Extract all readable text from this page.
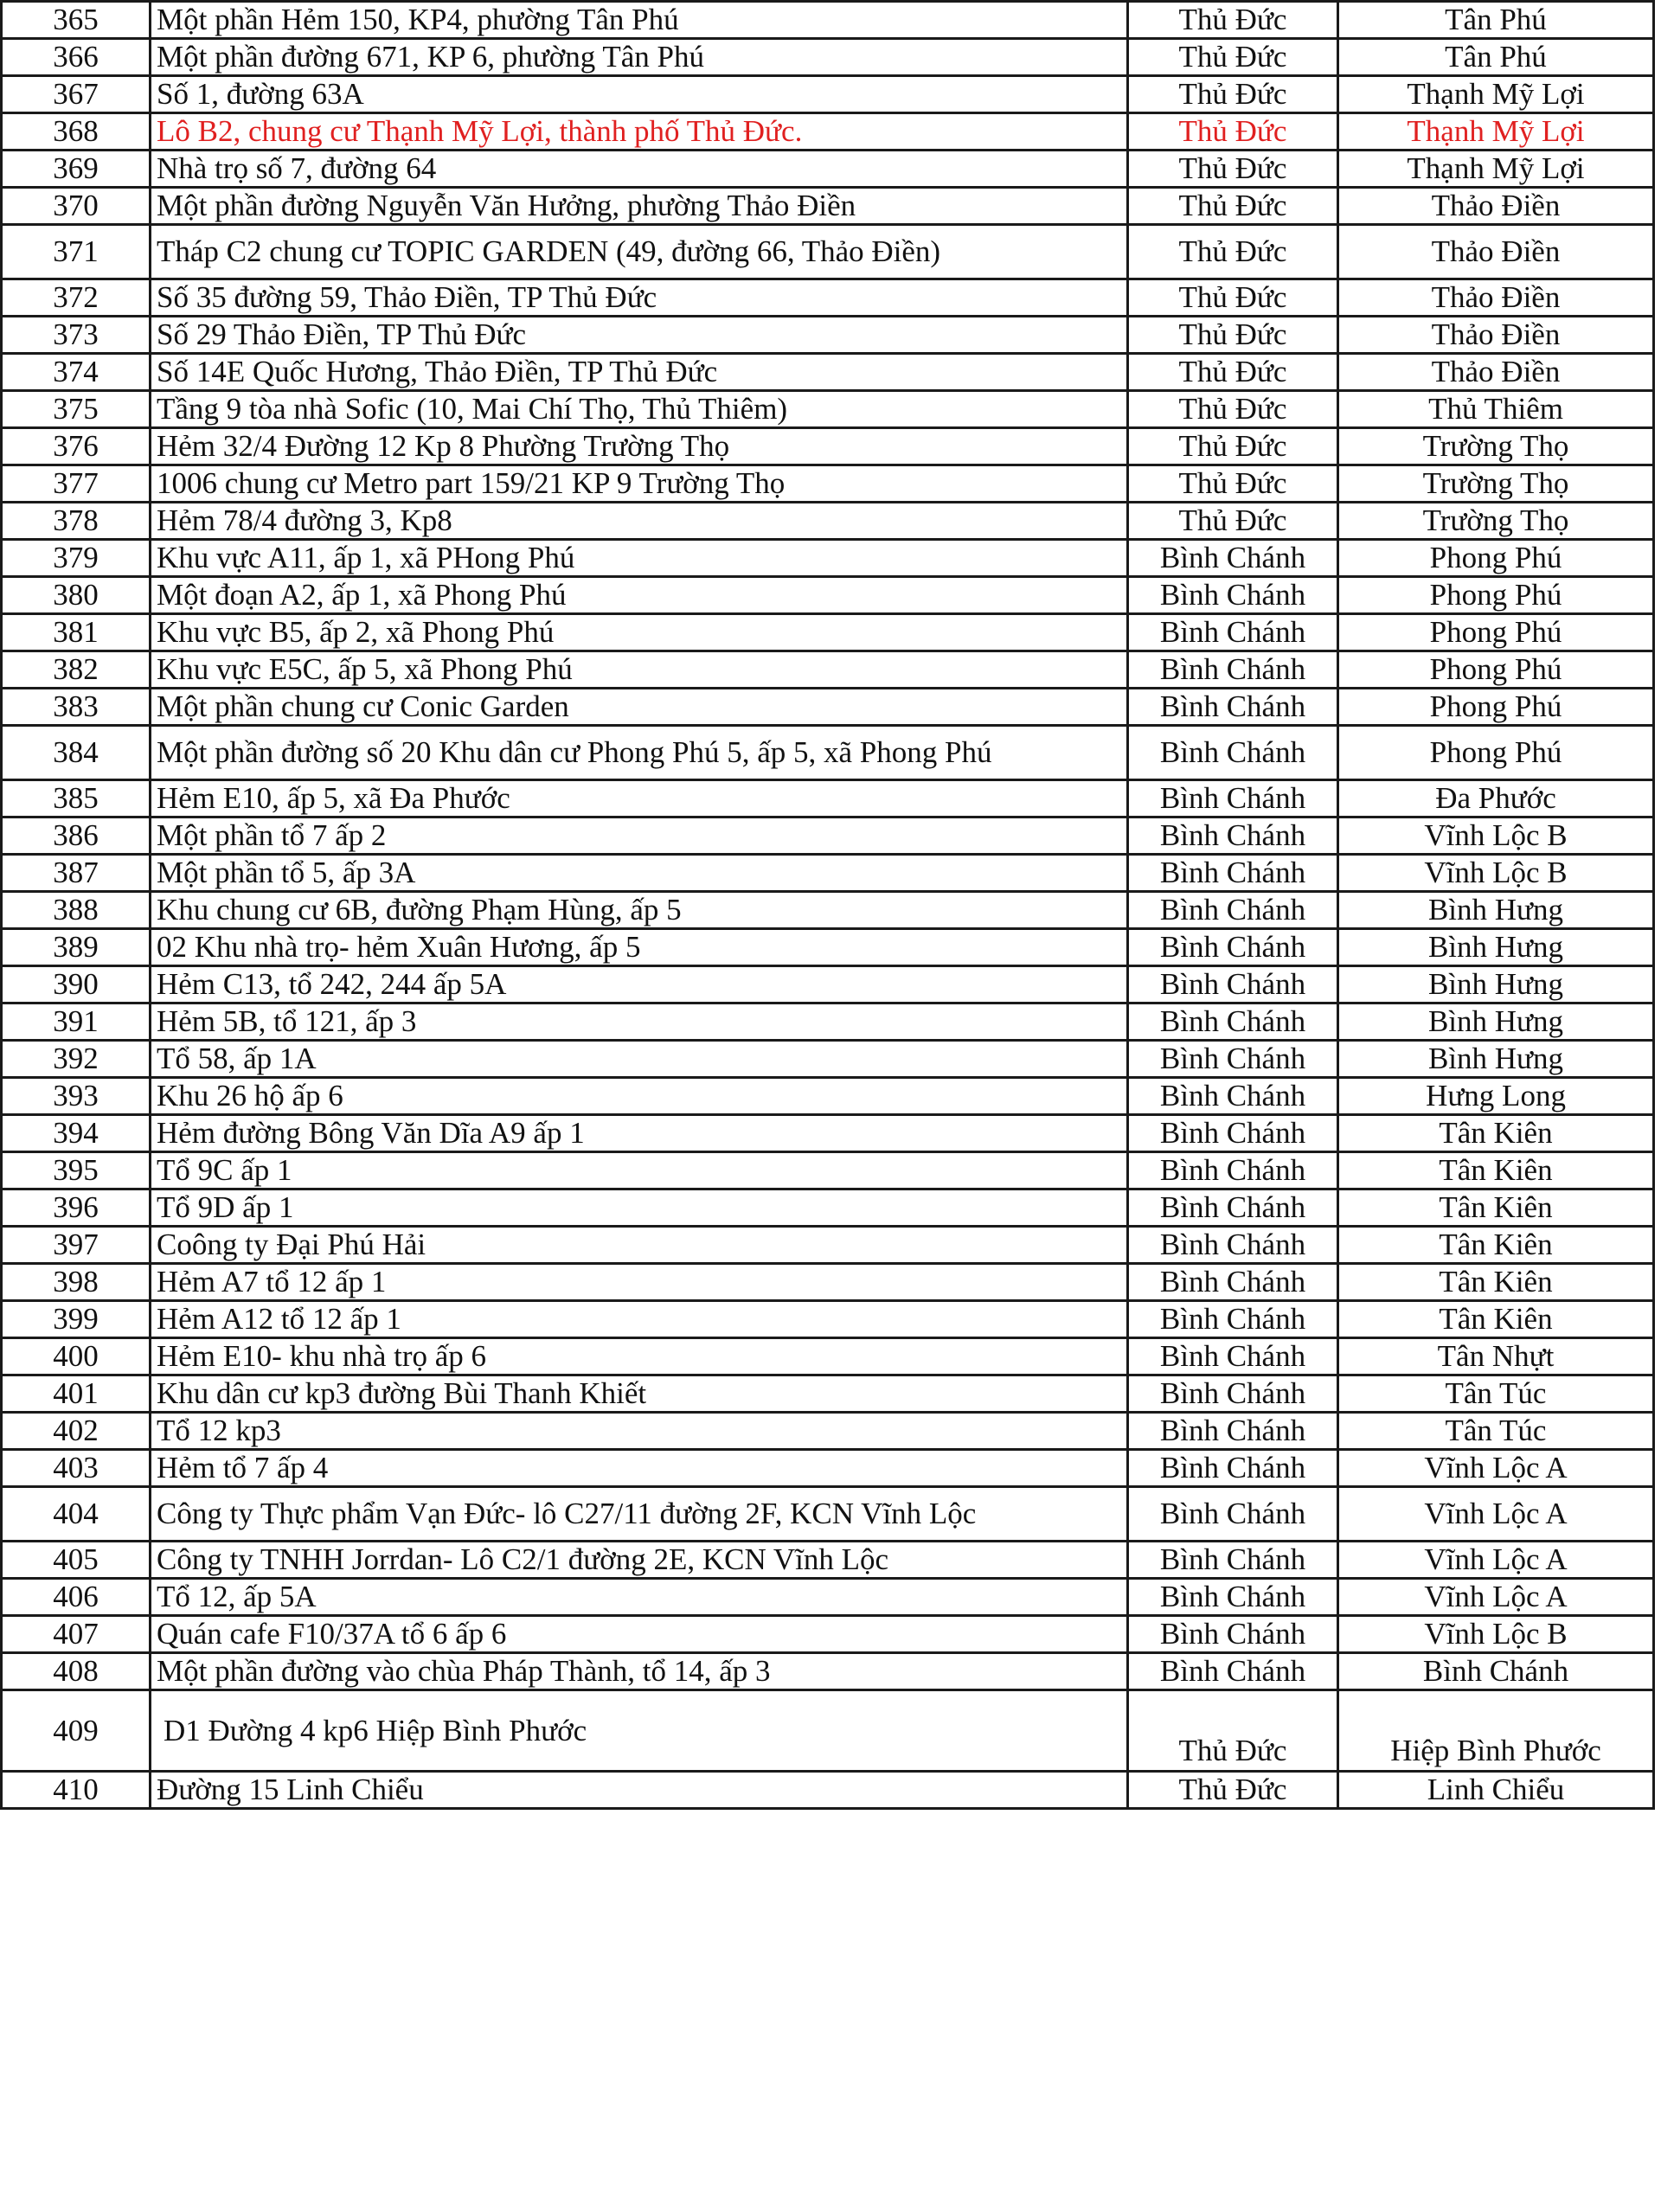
365	Một phần Hẻm 150, KP4, phường Tân Phú	Thủ Đức	Tân Phú
366	Một phần đường 671, KP 6, phường Tân Phú	Thủ Đức	Tân Phú
367	Số 1, đường 63A	Thủ Đức	Thạnh Mỹ Lợi
368	Lô B2, chung cư Thạnh Mỹ Lợi, thành phố Thủ Đức.	Thủ Đức	Thạnh Mỹ Lợi
369	Nhà trọ số 7, đường 64	Thủ Đức	Thạnh Mỹ Lợi
370	Một phần đường Nguyễn Văn Hưởng, phường Thảo Điền	Thủ Đức	Thảo Điền
371	Tháp C2 chung cư TOPIC GARDEN (49, đường 66, Thảo Điền)	Thủ Đức	Thảo Điền
372	Số 35 đường 59, Thảo Điền, TP Thủ Đức	Thủ Đức	Thảo Điền
373	Số 29 Thảo Điền, TP Thủ Đức	Thủ Đức	Thảo Điền
374	Số 14E Quốc Hương, Thảo Điền, TP Thủ Đức	Thủ Đức	Thảo Điền
375	Tầng 9 tòa nhà Sofic (10, Mai Chí Thọ, Thủ Thiêm)	Thủ Đức	Thủ Thiêm
376	Hẻm 32/4 Đường 12 Kp 8 Phường Trường Thọ	Thủ Đức	Trường Thọ
377	1006 chung cư Metro part 159/21 KP 9 Trường Thọ	Thủ Đức	Trường Thọ
378	Hẻm 78/4 đường 3, Kp8	Thủ Đức	Trường Thọ
379	Khu vực A11, ấp 1, xã PHong Phú	Bình Chánh	Phong Phú
380	Một đoạn A2, ấp 1, xã Phong Phú	Bình Chánh	Phong Phú
381	Khu vực B5, ấp 2, xã Phong Phú	Bình Chánh	Phong Phú
382	Khu vực E5C, ấp 5, xã Phong Phú	Bình Chánh	Phong Phú
383	Một phần chung cư Conic Garden	Bình Chánh	Phong Phú
384	Một phần đường số 20 Khu dân cư Phong Phú 5, ấp 5, xã Phong Phú	Bình Chánh	Phong Phú
385	Hẻm E10, ấp 5, xã Đa Phước	Bình Chánh	Đa Phước
386	Một phần tổ 7 ấp 2	Bình Chánh	Vĩnh Lộc B
387	Một phần tổ 5, ấp 3A	Bình Chánh	Vĩnh Lộc B
388	Khu chung cư 6B, đường Phạm Hùng, ấp 5	Bình Chánh	Bình Hưng
389	02 Khu nhà trọ- hẻm Xuân Hương, ấp 5	Bình Chánh	Bình Hưng
390	Hẻm C13, tổ 242, 244 ấp 5A	Bình Chánh	Bình Hưng
391	Hẻm 5B, tổ 121, ấp 3	Bình Chánh	Bình Hưng
392	Tổ 58, ấp 1A	Bình Chánh	Bình Hưng
393	Khu 26 hộ ấp 6	Bình Chánh	Hưng Long
394	Hẻm đường Bông Văn Dĩa A9 ấp 1	Bình Chánh	Tân Kiên
395	Tổ 9C ấp 1	Bình Chánh	Tân Kiên
396	Tổ 9D ấp 1	Bình Chánh	Tân Kiên
397	Coông ty Đại Phú Hải	Bình Chánh	Tân Kiên
398	Hẻm A7 tổ 12 ấp 1	Bình Chánh	Tân Kiên
399	Hẻm A12 tổ 12 ấp 1	Bình Chánh	Tân Kiên
400	Hẻm E10- khu nhà trọ ấp 6	Bình Chánh	Tân Nhựt
401	Khu dân cư kp3 đường Bùi Thanh Khiết	Bình Chánh	Tân Túc
402	Tổ 12 kp3	Bình Chánh	Tân Túc
403	Hẻm tổ 7 ấp 4	Bình Chánh	Vĩnh Lộc A
404	Công ty Thực phẩm Vạn Đức- lô C27/11 đường 2F, KCN Vĩnh Lộc	Bình Chánh	Vĩnh Lộc A
405	Công ty TNHH Jorrdan- Lô C2/1 đường 2E, KCN Vĩnh Lộc	Bình Chánh	Vĩnh Lộc A
406	Tổ 12, ấp 5A	Bình Chánh	Vĩnh Lộc A
407	Quán cafe F10/37A tổ 6 ấp 6	Bình Chánh	Vĩnh Lộc B
408	Một phần đường vào chùa Pháp Thành, tổ 14, ấp 3	Bình Chánh	Bình Chánh
409	D1 Đường 4 kp6 Hiệp Bình Phước	Thủ Đức	Hiệp Bình Phước
410	Đường 15 Linh Chiểu	Thủ Đức	Linh Chiểu
